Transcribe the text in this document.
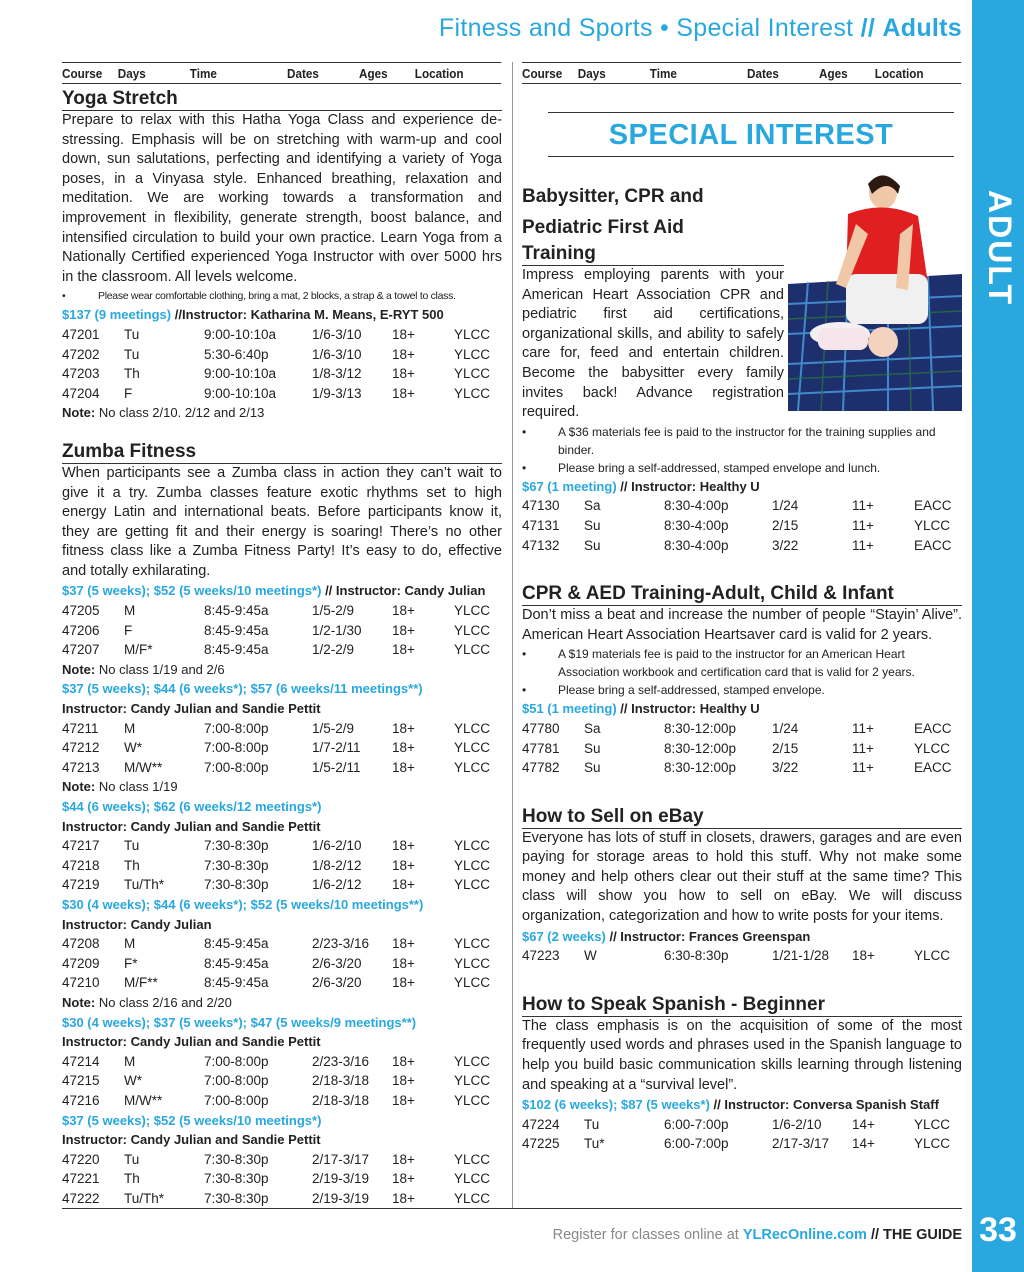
Fitness and Sports • Special Interest // Adults
ADULT
33
Course	Days	Time	Dates	Ages	Location
Yoga Stretch

Prepare to relax with this Hatha Yoga Class and experience de-stressing. Emphasis will be on stretching with warm-up and cool down, sun salutations, perfecting and identifying a variety of Yoga poses, in a Vinyasa style. Enhanced breathing, relaxation and meditation. We are working towards a transformation and improvement in flexibility, generate strength, boost balance, and intensified circulation to build your own practice. Learn Yoga from a Nationally Certified experienced Yoga Instructor with over 5000 hrs in the classroom. All levels welcome.

•	Please wear comfortable clothing, bring a mat, 2 blocks, a strap & a towel to class.

$137 (9 meetings) //Instructor: Katharina M. Means, E-RYT 500
47201	Tu	9:00-10:10a	1/6-3/10	18+	YLCC
47202	Tu	5:30-6:40p	1/6-3/10	18+	YLCC
47203	Th	9:00-10:10a	1/8-3/12	18+	YLCC
47204	F	9:00-10:10a	1/9-3/13	18+	YLCC
Note: No class 2/10. 2/12 and 2/13
Zumba Fitness

When participants see a Zumba class in action they can’t wait to give it a try. Zumba classes feature exotic rhythms set to high energy Latin and international beats. Before participants know it, they are getting fit and their energy is soaring! There’s no other fitness class like a Zumba Fitness Party! It’s easy to do, effective and totally exhilarating.

$37 (5 weeks); $52 (5 weeks/10 meetings*) // Instructor: Candy Julian
47205	M	8:45-9:45a	1/5-2/9	18+	YLCC
47206	F	8:45-9:45a	1/2-1/30	18+	YLCC
47207	M/F*	8:45-9:45a	1/2-2/9	18+	YLCC
Note: No class 1/19 and 2/6
$37 (5 weeks); $44 (6 weeks*); $57 (6 weeks/11 meetings**)
Instructor: Candy Julian and Sandie Pettit
47211	M	7:00-8:00p	1/5-2/9	18+	YLCC
47212	W*	7:00-8:00p	1/7-2/11	18+	YLCC
47213	M/W**	7:00-8:00p	1/5-2/11	18+	YLCC
Note: No class 1/19
$44 (6 weeks); $62 (6 weeks/12 meetings*)
Instructor: Candy Julian and Sandie Pettit
47217	Tu	7:30-8:30p	1/6-2/10	18+	YLCC
47218	Th	7:30-8:30p	1/8-2/12	18+	YLCC
47219	Tu/Th*	7:30-8:30p	1/6-2/12	18+	YLCC
$30 (4 weeks); $44 (6 weeks*); $52 (5 weeks/10 meetings**)
Instructor: Candy Julian
47208	M	8:45-9:45a	2/23-3/16	18+	YLCC
47209	F*	8:45-9:45a	2/6-3/20	18+	YLCC
47210	M/F**	8:45-9:45a	2/6-3/20	18+	YLCC
Note: No class 2/16 and 2/20
$30 (4 weeks); $37 (5 weeks*); $47 (5 weeks/9 meetings**)
Instructor: Candy Julian and Sandie Pettit
47214	M	7:00-8:00p	2/23-3/16	18+	YLCC
47215	W*	7:00-8:00p	2/18-3/18	18+	YLCC
47216	M/W**	7:00-8:00p	2/18-3/18	18+	YLCC
$37 (5 weeks); $52 (5 weeks/10 meetings*)
Instructor: Candy Julian and Sandie Pettit
47220	Tu	7:30-8:30p	2/17-3/17	18+	YLCC
47221	Th	7:30-8:30p	2/19-3/19	18+	YLCC
47222	Tu/Th*	7:30-8:30p	2/19-3/19	18+	YLCC
Course	Days	Time	Dates	Ages	Location
SPECIAL INTEREST
Babysitter, CPR and
Pediatric First Aid
Training

Impress employing parents with your American Heart Association CPR and pediatric first aid certifications, organizational skills, and ability to safely care for, feed and entertain children. Become the babysitter every family invites back! Advance registration required.

•	A $36 materials fee is paid to the instructor for the training supplies and binder.

•	Please bring a self-addressed, stamped envelope and lunch.

$67 (1 meeting) // Instructor: Healthy U
47130	Sa	8:30-4:00p	1/24	11+	EACC
47131	Su	8:30-4:00p	2/15	11+	YLCC
47132	Su	8:30-4:00p	3/22	11+	EACC
CPR & AED Training-Adult, Child & Infant

Don’t miss a beat and increase the number of people “Stayin’ Alive”. American Heart Association Heartsaver card is valid for 2 years.

•	A $19 materials fee is paid to the instructor for an American Heart Association workbook and certification card that is valid for 2 years.

•	Please bring a self-addressed, stamped envelope.

$51 (1 meeting) // Instructor: Healthy U
47780	Sa	8:30-12:00p	1/24	11+	EACC
47781	Su	8:30-12:00p	2/15	11+	YLCC
47782	Su	8:30-12:00p	3/22	11+	EACC
How to Sell on eBay

Everyone has lots of stuff in closets, drawers, garages and are even paying for storage areas to hold this stuff. Why not make some money and help others clear out their stuff at the same time? This class will show you how to sell on eBay. We will discuss organization, categorization and how to write posts for your items.

$67 (2 weeks) // Instructor: Frances Greenspan
47223	W	6:30-8:30p	1/21-1/28	18+	YLCC
How to Speak Spanish - Beginner

The class emphasis is on the acquisition of some of the most frequently used words and phrases used in the Spanish language to help you build basic communication skills learning through listening and speaking at a “survival level”.

$102 (6 weeks); $87 (5 weeks*) // Instructor: Conversa Spanish Staff
47224	Tu	6:00-7:00p	1/6-2/10	14+	YLCC
47225	Tu*	6:00-7:00p	2/17-3/17	14+	YLCC
Register for classes online at YLRecOnline.com // THE GUIDE
